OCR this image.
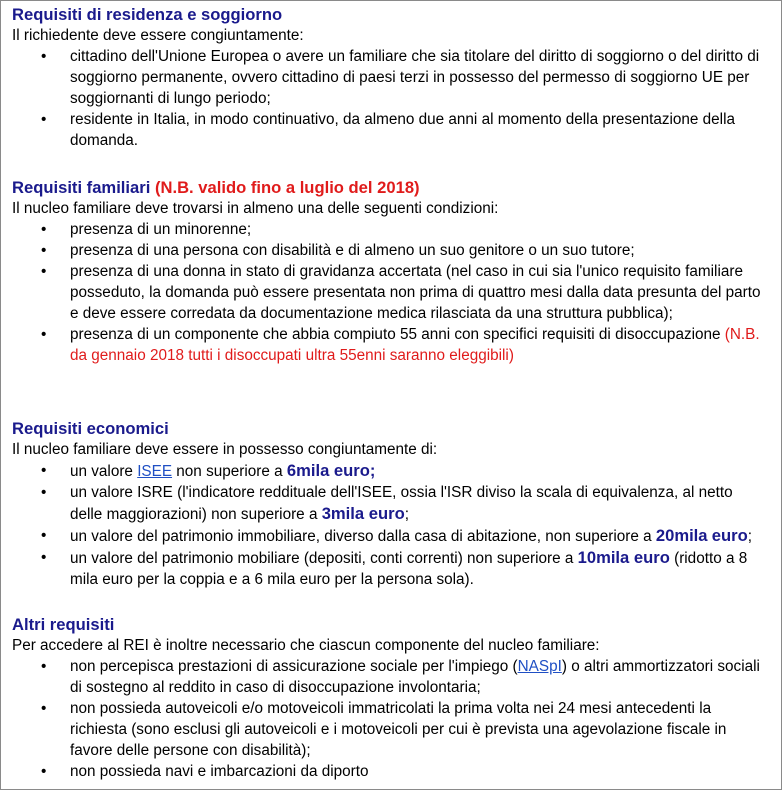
Requisiti di residenza e soggiorno
Il richiedente deve essere congiuntamente:
• cittadino dell'Unione Europea o avere un familiare che sia titolare del diritto di soggiorno o del diritto di soggiorno permanente, ovvero cittadino di paesi terzi in possesso del permesso di soggiorno UE per soggiornanti di lungo periodo;
• residente in Italia, in modo continuativo, da almeno due anni al momento della presentazione della domanda.
Requisiti familiari (N.B. valido fino a luglio del 2018)
Il nucleo familiare deve trovarsi in almeno una delle seguenti condizioni:
• presenza di un minorenne;
• presenza di una persona con disabilità e di almeno un suo genitore o un suo tutore;
• presenza di una donna in stato di gravidanza accertata (nel caso in cui sia l'unico requisito familiare posseduto, la domanda può essere presentata non prima di quattro mesi dalla data presunta del parto e deve essere corredata da documentazione medica rilasciata da una struttura pubblica);
• presenza di un componente che abbia compiuto 55 anni con specifici requisiti di disoccupazione (N.B. da gennaio 2018 tutti i disoccupati ultra 55enni saranno eleggibili)
Requisiti economici
Il nucleo familiare deve essere in possesso congiuntamente di:
• un valore ISEE non superiore a 6mila euro;
• un valore ISRE (l'indicatore reddituale dell'ISEE, ossia l'ISR diviso la scala di equivalenza, al netto delle maggiorazioni) non superiore a 3mila euro;
• un valore del patrimonio immobiliare, diverso dalla casa di abitazione, non superiore a 20mila euro;
• un valore del patrimonio mobiliare (depositi, conti correnti) non superiore a 10mila euro (ridotto a 8 mila euro per la coppia e a 6 mila euro per la persona sola).
Altri requisiti
Per accedere al REI è inoltre necessario che ciascun componente del nucleo familiare:
• non percepisca prestazioni di assicurazione sociale per l'impiego (NASpI) o altri ammortizzatori sociali di sostegno al reddito in caso di disoccupazione involontaria;
• non possieda autoveicoli e/o motoveicoli immatricolati la prima volta nei 24 mesi antecedenti la richiesta (sono esclusi gli autoveicoli e i motoveicoli per cui è prevista una agevolazione fiscale in favore delle persone con disabilità);
• non possieda navi e imbarcazioni da diporto
